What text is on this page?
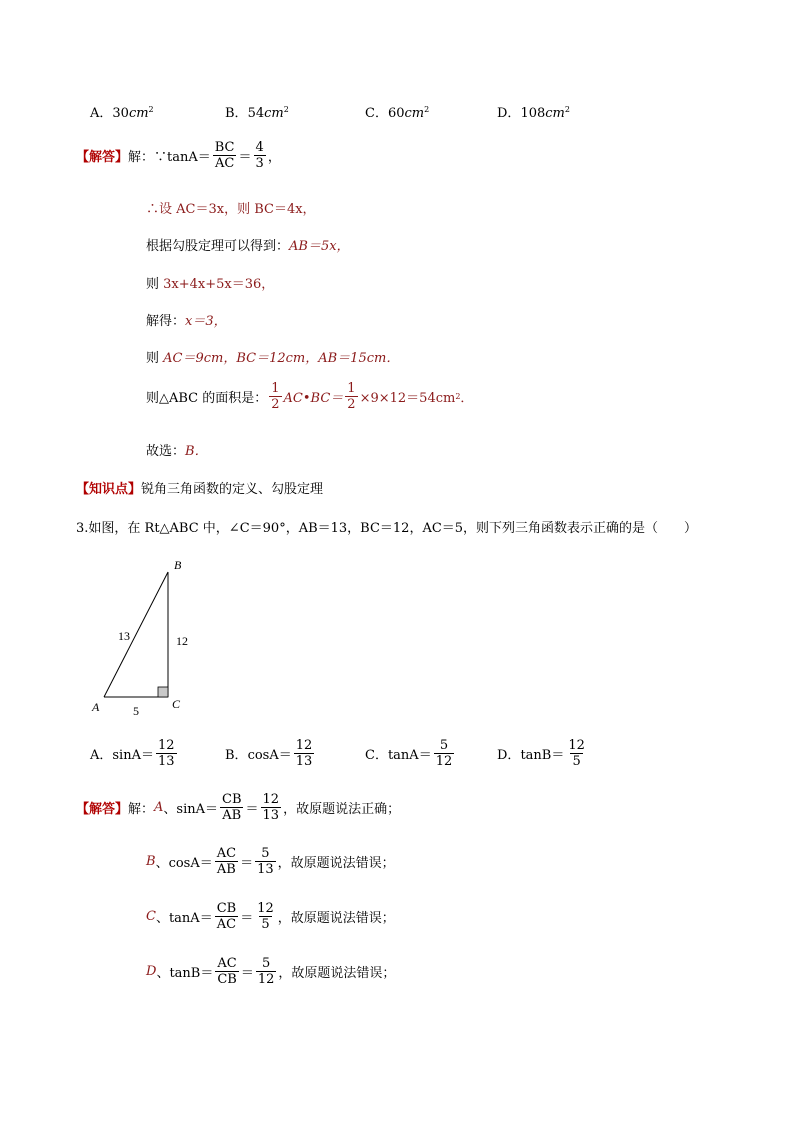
A．$30cm^2$	B．$54cm^2$	C．$60cm^2$	D．$108cm^2$
【解答】 解：∵tanA＝ $\frac{BC}{AC} = \frac{4}{3}$ ，
∴设 AC＝3x，则 BC＝4x，
根据勾股定理可以得到：AB＝5x，
则 3x+4x+5x＝36，
解得：x＝3，
则 AC＝9cm，BC＝12cm，AB＝15cm．
则△ABC 的面积是： $\frac{1}{2}$ AC•BC＝ $\frac{1}{2} \times 9\times 12=54cm$ 2 ．
故选：B．
【知识点】锐角三角函数的定义、勾股定理
3.如图，在 Rt△ABC 中，∠C＝90°，AB＝13，BC＝12，AC＝5，则下列三角函数表示正确的是（　　）
B
A	C
13	12
5
A． $\sin A= \frac{12}{13}$	B． $\cos A= \frac{12}{13}$	C． $\tan A= \frac{5}{12}$	D． $\tan B= \frac{12}{5}$
【解答】 解： A 、$\sin A= \frac{CB}{AB} = \frac{12}{13}$ ，故原题说法正确；
B 、$\cos A= \frac{AC}{AB} = \frac{5}{13}$ ，故原题说法错误；
C 、$\tan A= \frac{CB}{AC} = \frac{12}{5}$ ，故原题说法错误；
D 、$\tan B= \frac{AC}{CB} = \frac{5}{12}$ ，故原题说法错误；
